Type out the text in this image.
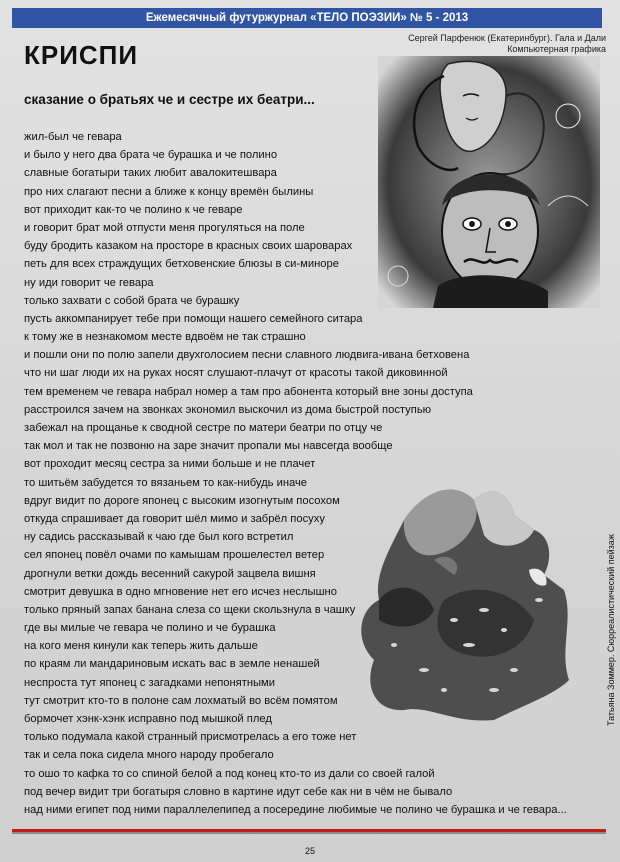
Ежемесячный футуржурнал «ТЕЛО ПОЭЗИИ» № 5 - 2013
КРИСПИ
Сергей Парфенюк (Екатеринбург). Гала и Дали
Компьютерная графика
сказание о братьях че и сестре их беатри...
Татьяна Зоммер. Сюрреалистический пейзаж
жил-был че гевара
и было у него два брата че бурашка и че полино
славные богатыри таких любит авалокитешвара
про них слагают песни а ближе к концу времён былины
вот приходит как-то че полино к че геваре
и говорит брат мой отпусти меня прогуляться на поле
буду бродить казаком на просторе в красных своих шароварах
петь для всех страждущих бетховенские блюзы в си-миноре
ну иди говорит че гевара
только захвати с собой брата че бурашку
пусть аккомпанирует тебе при помощи нашего семейного ситара
к тому же в незнакомом месте вдвоём не так страшно
и пошли они по полю запели двухголосием песни славного людвига-ивана бетховена
что ни шаг люди их на руках носят слушают-плачут от красоты такой диковинной
тем временем че гевара набрал номер а там про абонента который вне зоны доступа
расстроился зачем на звонках экономил выскочил из дома быстрой поступью
забежал на прощанье к сводной сестре по матери беатри по отцу че
так мол и так не позвоню на заре значит пропали мы навсегда вообще
вот проходит месяц сестра за ними больше и не плачет
то шитьём забудется то вязаньем то как-нибудь иначе
вдруг видит по дороге японец с высоким изогнутым посохом
откуда спрашивает да говорит шёл мимо и забрёл посуху
ну садись рассказывай к чаю где был кого встретил
сел японец повёл очами по камышам прошелестел ветер
дрогнули ветки дождь весенний сакурой зацвела вишня
смотрит девушка в одно мгновение нет его исчез неслышно
только пряный запах банана слеза со щеки скользнула в чашку
где вы милые че гевара че полино и че бурашка
на кого меня кинули как теперь жить дальше
по краям ли мандариновым искать вас в земле ненашей
неспроста тут японец с загадками непонятными
тут смотрит кто-то в полоне сам лохматый во всём помятом
бормочет хэнк-хэнк исправно под мышкой плед
только подумала какой странный присмотрелась а его тоже нет
так и села пока сидела много народу пробегало
то ошо то кафка то со спиной белой а под конец кто-то из дали со своей галой
под вечер видит три богатыря словно в картине идут себе как ни в чём не бывало
над ними египет под ними параллелепипед а посередине любимые че полино че бурашка и че гевара...
25
